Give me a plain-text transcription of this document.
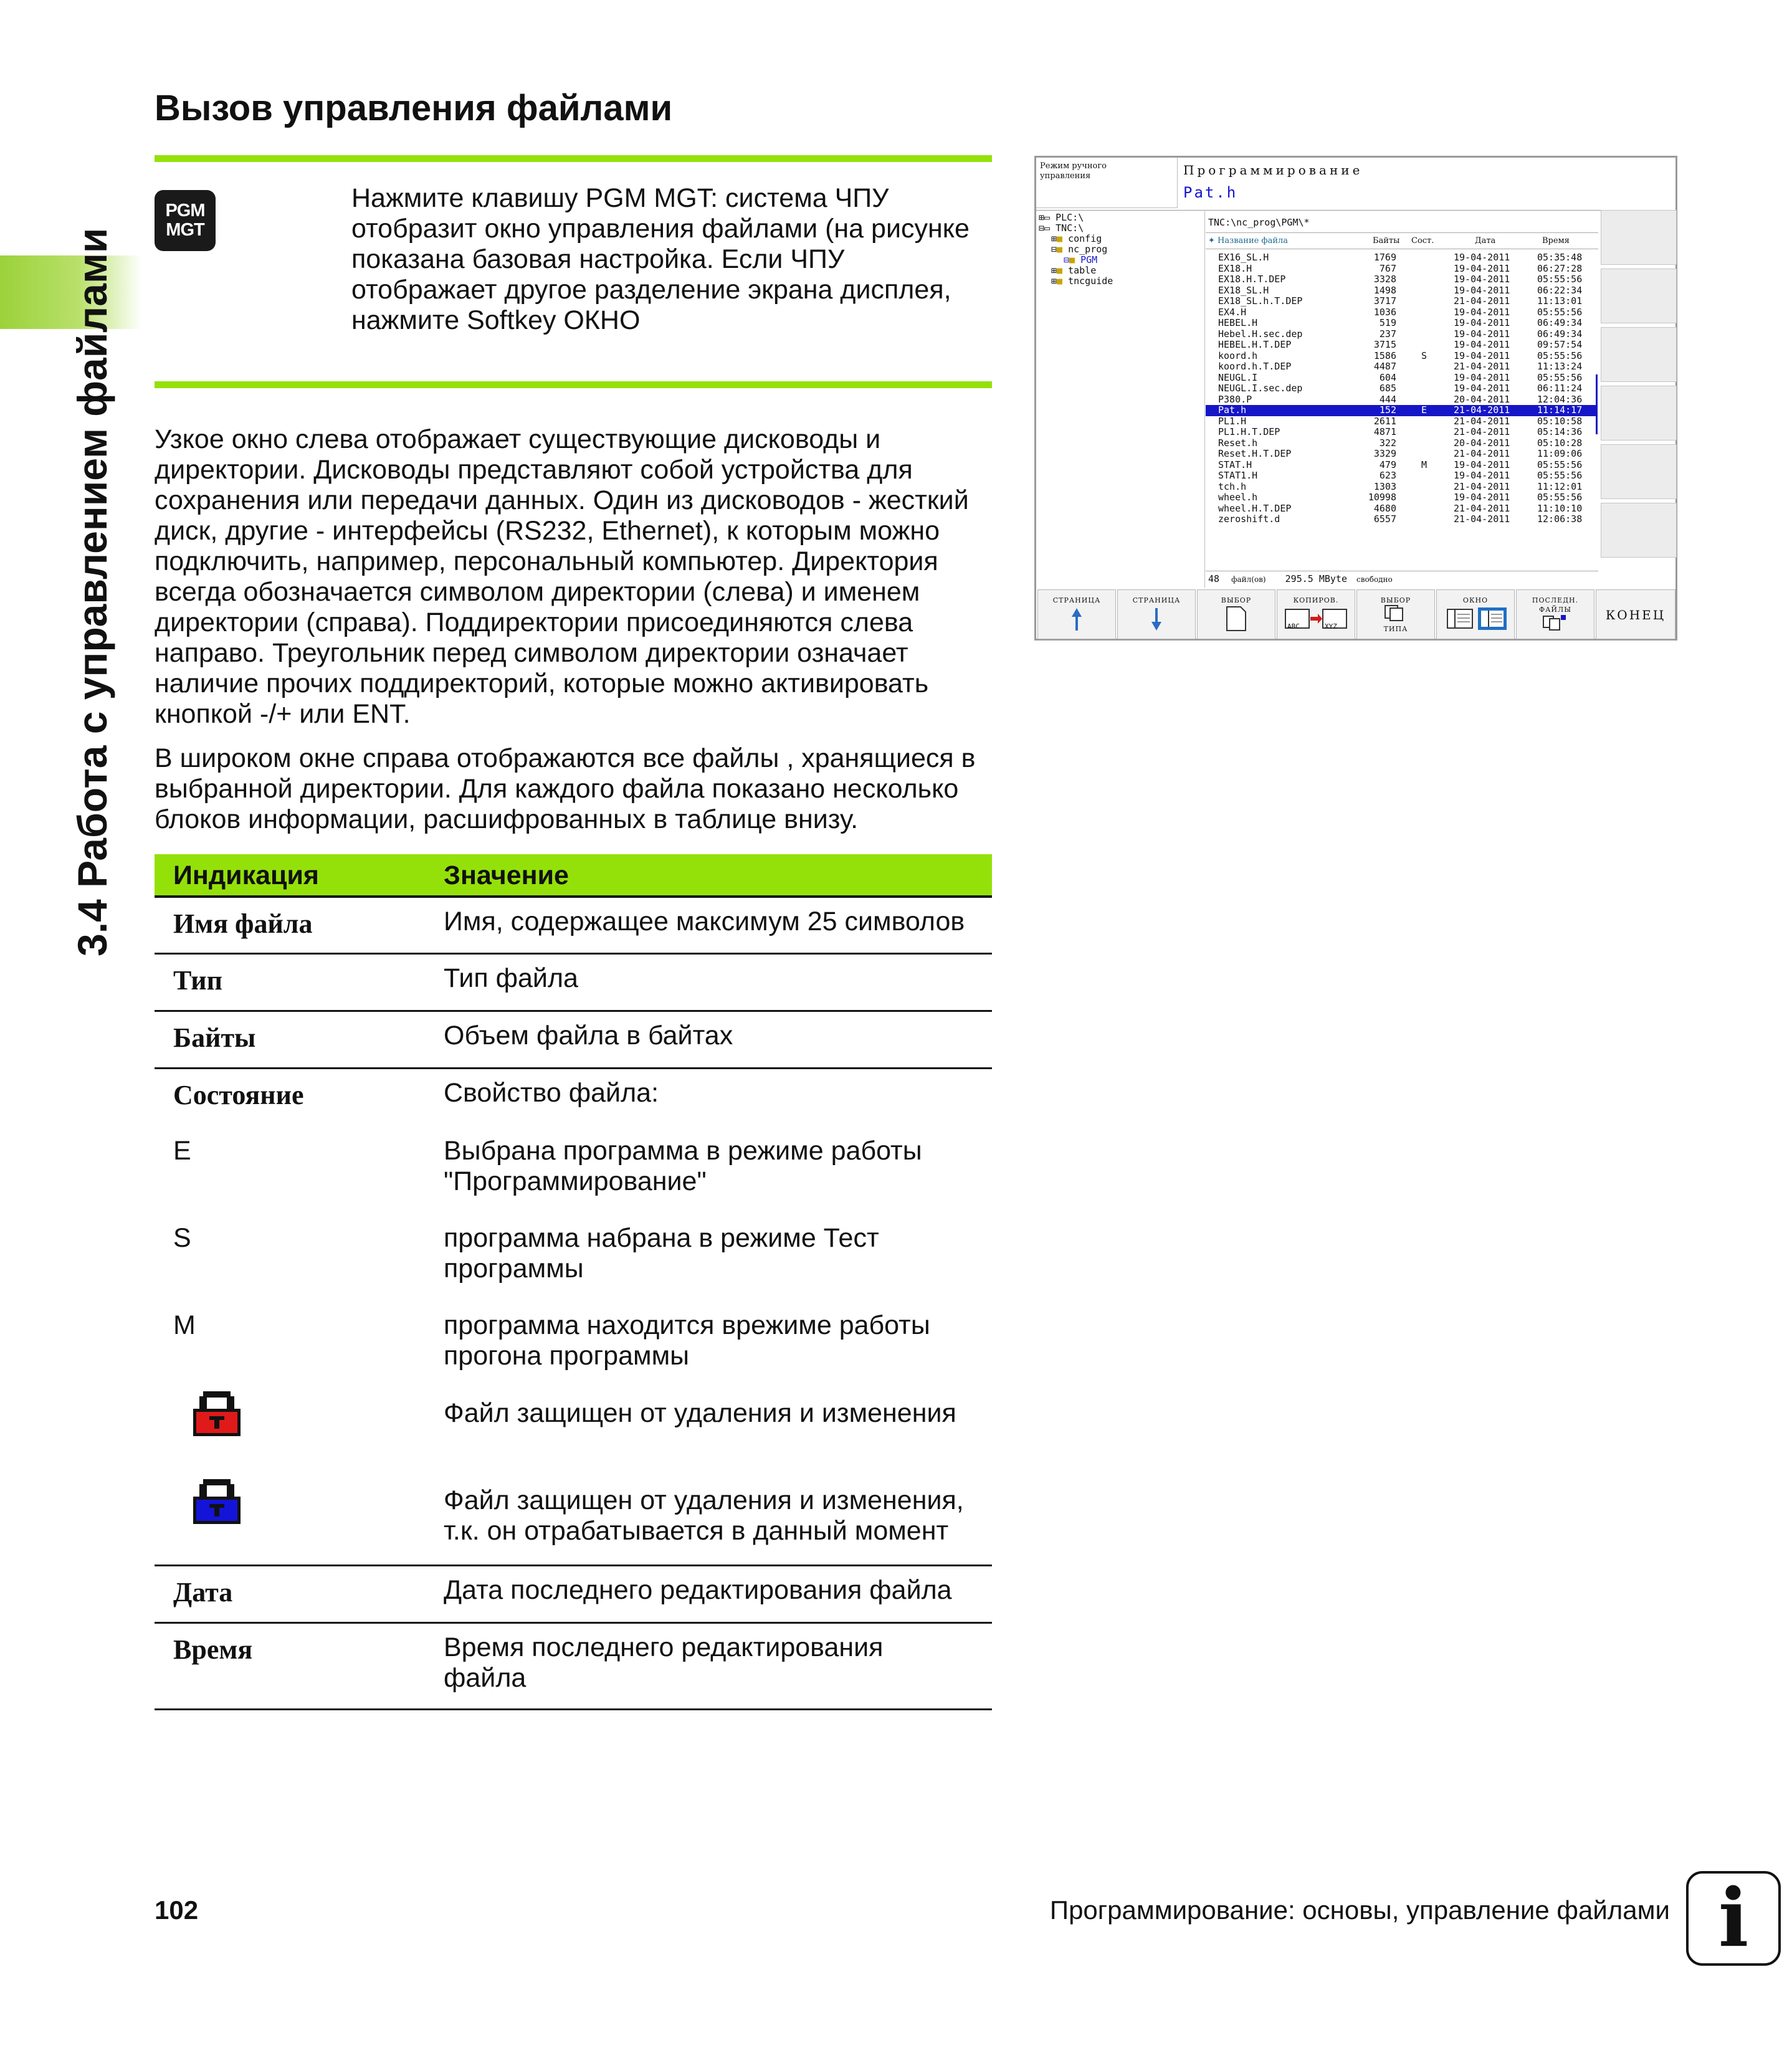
3.4 Работа с управлением файлами
Вызов управления файлами
PGM
MGT
Нажмите клавишу PGM MGT: система ЧПУ
отобразит окно управления файлами (на рисунке
показана базовая настройка. Если ЧПУ
отображает другое разделение экрана дисплея,
нажмите Softkey ОКНО
Узкое окно слева отображает существующие дисководы и
директории. Дисководы представляют собой устройства для
сохранения или передачи данных. Один из дисководов - жесткий
диск, другие - интерфейсы (RS232, Ethernet), к которым можно
подключить, например, персональный компьютер. Директория
всегда обозначается символом директории (слева) и именем
директории (справа). Поддиректории присоединяются слева
направо. Треугольник перед символом директории означает
наличие прочих поддиректорий, которые можно активировать
кнопкой -/+ или ENT.
В широком окне справа отображаются все файлы , хранящиеся в
выбранной директории. Для каждого файла показано несколько
блоков информации, расшифрованных в таблице внизу.
Индикация	Значение
Имя файла	Имя, содержащее максимум 25 символов
Тип	Тип файла
Байты	Объем файла в байтах
Состояние	Свойство файла:
E	Выбрана программа в режиме работы
"Программирование"
S	программа набрана в режиме Тест
программы
M	программа находится врежиме работы
прогона программы
Файл защищен от удаления и изменения
Файл защищен от удаления и изменения,
т.к. он отрабатывается в данный момент
Дата	Дата последнего редактирования файла
Время	Время последнего редактирования
файла
Режим ручного
управления	Программирование
Pat.h
⊞▭ PLC:\
⊟▭ TNC:\
⊞■ config
⊟■ nc_prog
⊟■ PGM
⊞■ table
⊞■ tncguide
TNC:\nc_prog\PGM\*
✦ Название файла	Байты Сост.	Дата	Время
EX16_SL.H	1769	19-04-2011	05:35:48
EX18.H	767	19-04-2011	06:27:28
EX18.H.T.DEP	3328	19-04-2011	05:55:56
EX18_SL.H	1498	19-04-2011	06:22:34
EX18_SL.h.T.DEP	3717	21-04-2011	11:13:01
EX4.H	1036	19-04-2011	05:55:56
HEBEL.H	519	19-04-2011	06:49:34
Hebel.H.sec.dep	237	19-04-2011	06:49:34
HEBEL.H.T.DEP	3715	19-04-2011	09:57:54
koord.h	1586	S	19-04-2011	05:55:56
koord.h.T.DEP	4487	21-04-2011	11:13:24
NEUGL.I	604	19-04-2011	05:55:56
NEUGL.I.sec.dep	685	19-04-2011	06:11:24
P380.P	444	20-04-2011	12:04:36
Pat.h	152	E	21-04-2011	11:14:17
PL1.H	2611	21-04-2011	05:10:58
PL1.H.T.DEP	4871	21-04-2011	05:14:36
Reset.h	322	20-04-2011	05:10:28
Reset.H.T.DEP	3329	21-04-2011	11:09:06
STAT.H	479	M	19-04-2011	05:55:56
STAT1.H	623	19-04-2011	05:55:56
tch.h	1303	21-04-2011	11:12:01
wheel.h	10998	19-04-2011	05:55:56
wheel.H.T.DEP	4680	21-04-2011	11:10:10
zeroshift.d	6557	21-04-2011	12:06:38
48 файл(ов) 295.5 MByte свободно
СТРАНИЦА	СТРАНИЦА	ВЫБОР	КОПИРОВ.
ABC	XYZ
ВЫБОР
ТИПА
ОКНО	ПОСЛЕДН.
ФАЙЛЫ	КОНЕЦ
102	Программирование: основы, управление файлами i
